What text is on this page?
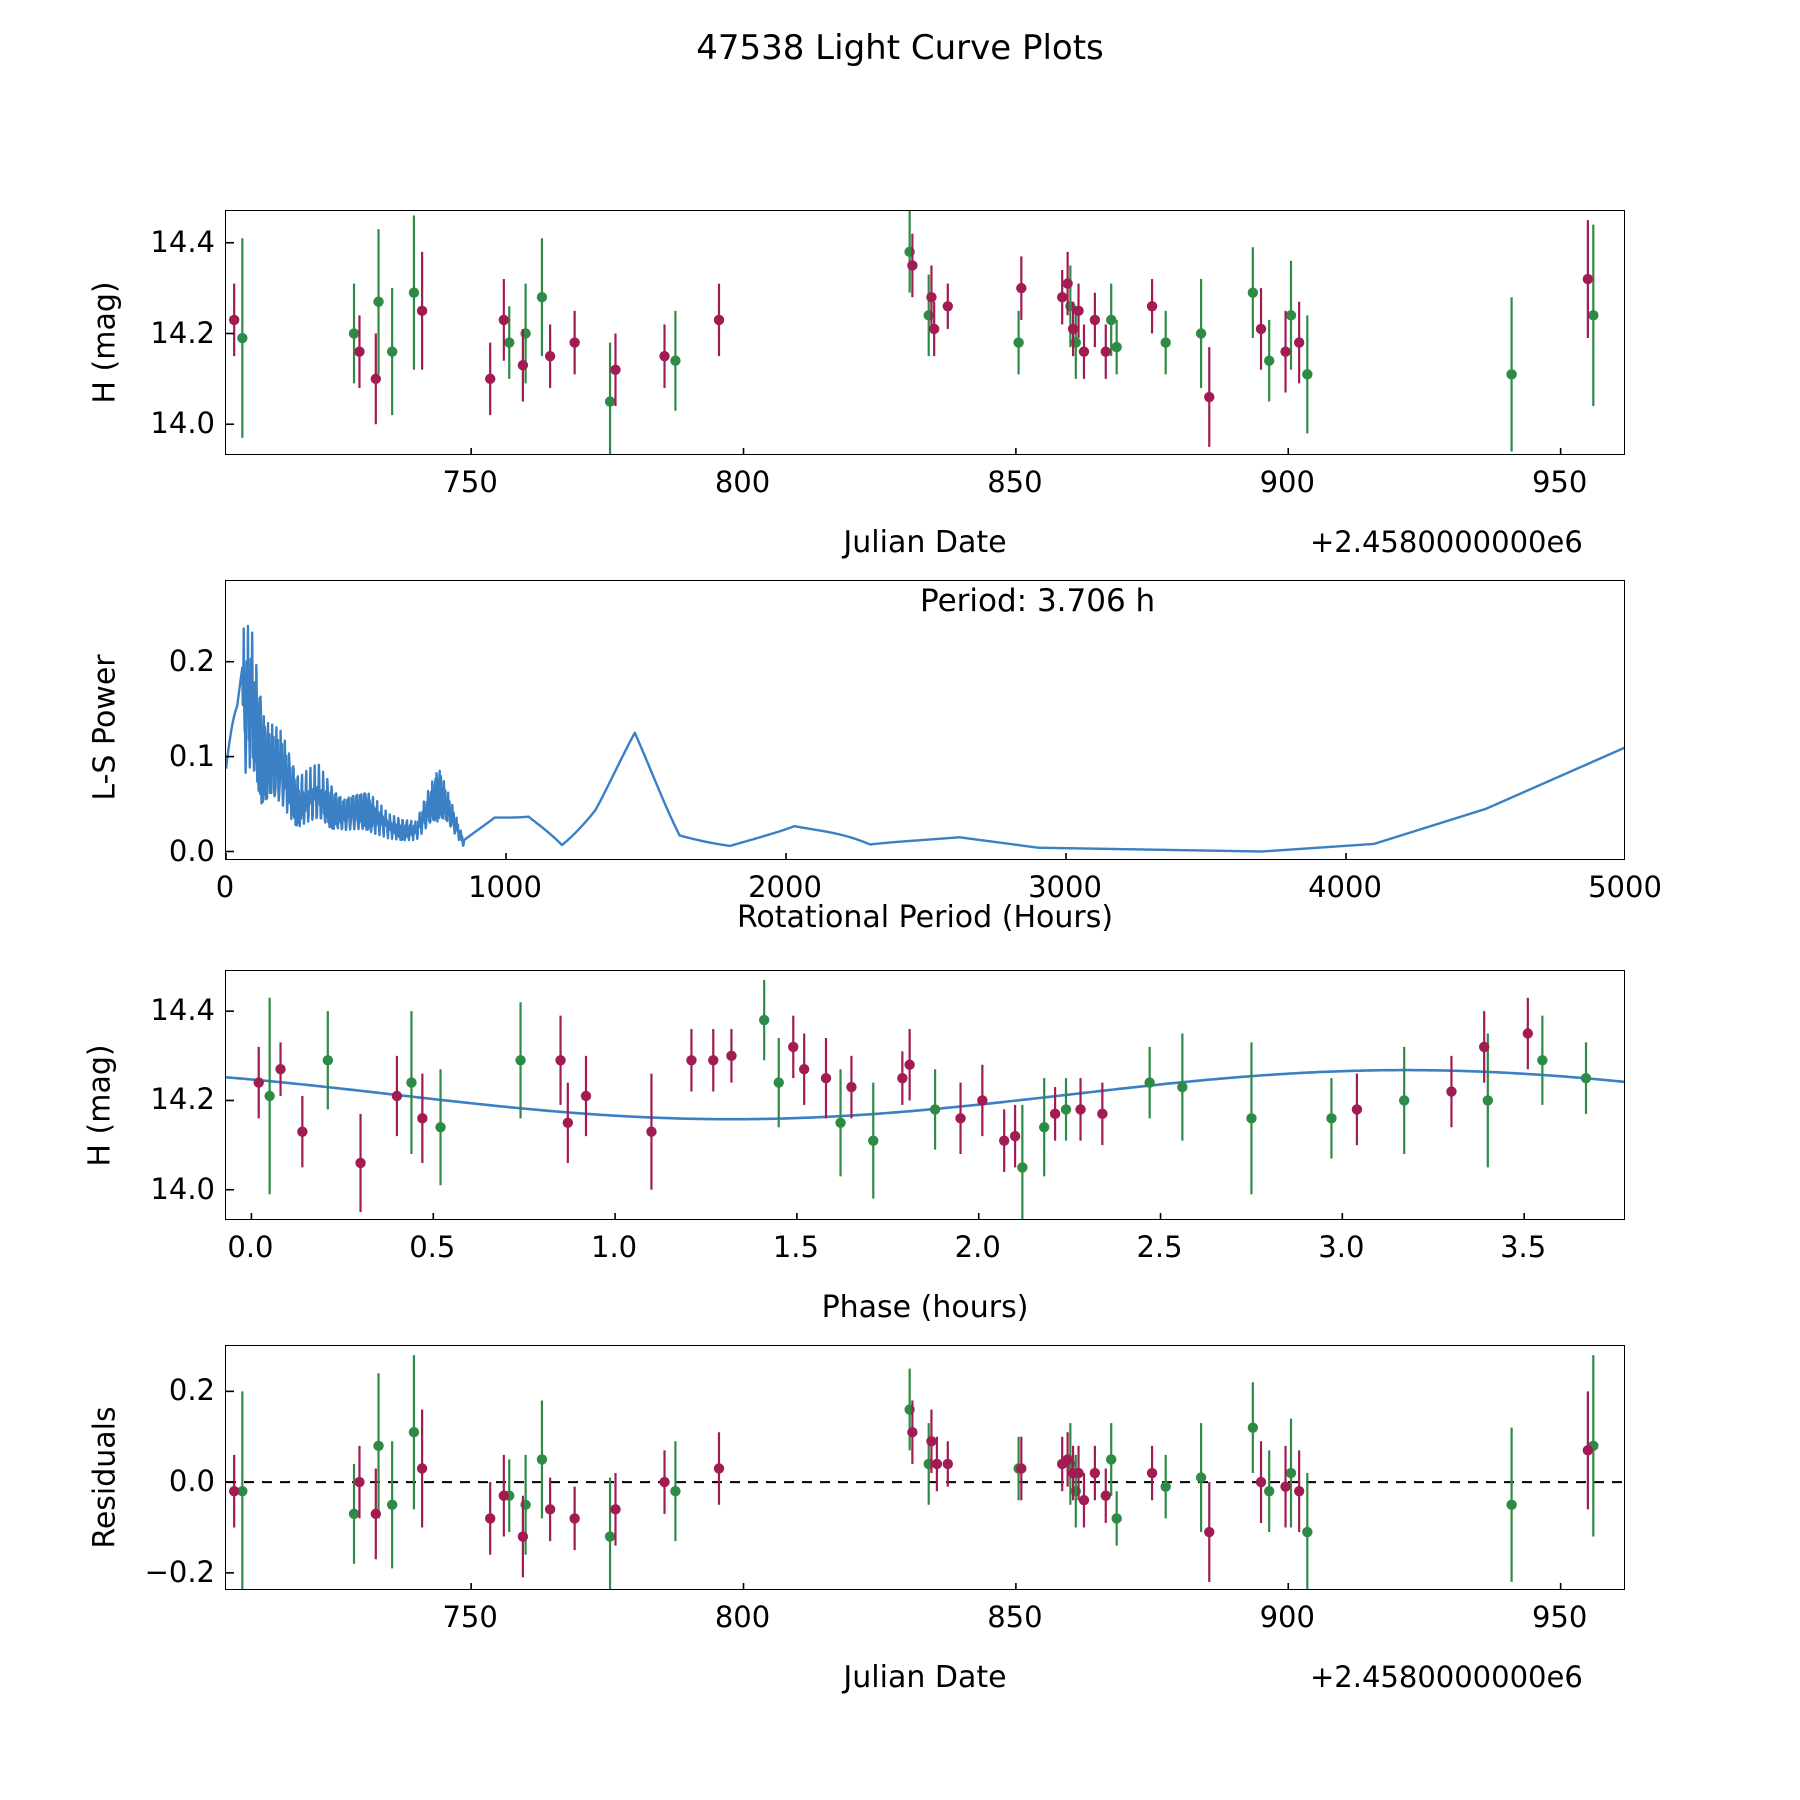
47538 Light Curve Plots
H (mag)
Julian Date	+2.4580000000e6
Period: 3.706 h
L-S Power
Rotational Period (Hours)
H (mag)
Phase (hours)
Residuals
Julian Date	+2.4580000000e6
750	800	850	900	950
14.0
14.2
14.4
0	1000	2000	3000	4000	5000
0.0
0.1
0.2
0.0	0.5	1.0	1.5	2.0	2.5	3.0	3.5
14.0
14.2
14.4
750	800	850	900	950
−0.2
0.0
0.2
